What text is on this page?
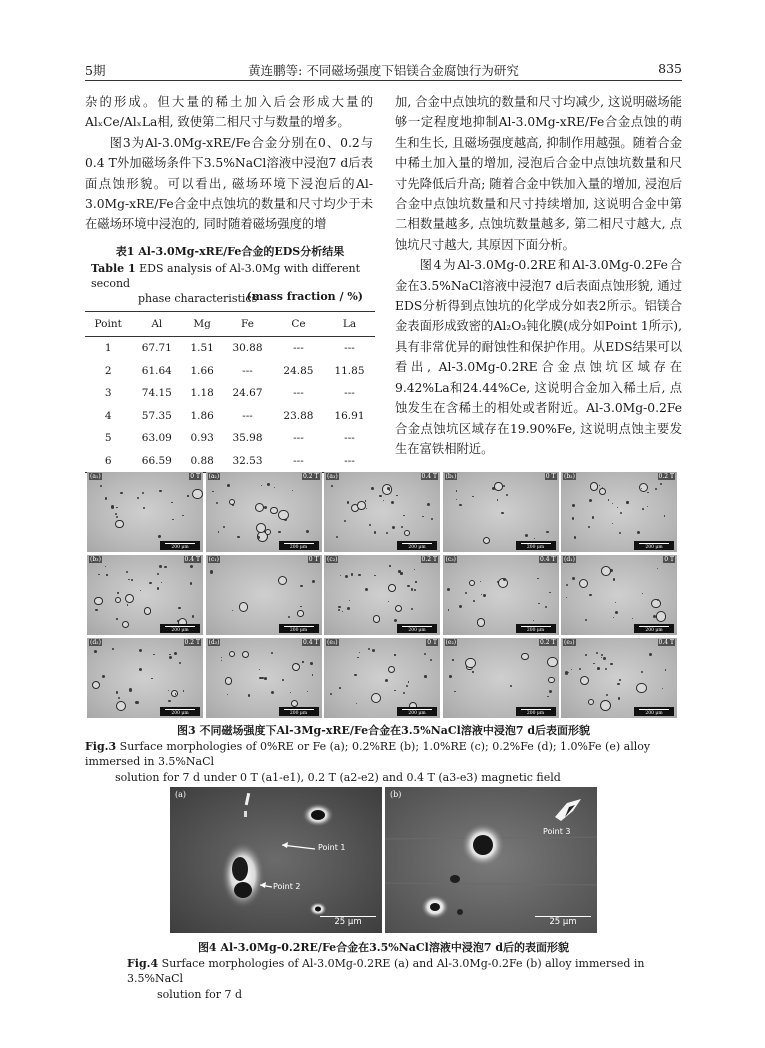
5期	黄连鹏等: 不同磁场强度下铝镁合金腐蚀行为研究	835

杂的形成。但大量的稀土加入后会形成大量的AlₓCe/AlₓLa相, 致使第二相尺寸与数量的增多。

图3为Al-3.0Mg-xRE/Fe合金分别在0、0.2与0.4 T外加磁场条件下3.5%NaCl溶液中浸泡7 d后表面点蚀形貌。可以看出, 磁场环境下浸泡后的Al-3.0Mg-xRE/Fe合金中点蚀坑的数量和尺寸均少于未在磁场环境中浸泡的, 同时随着磁场强度的增

表1 Al-3.0Mg-xRE/Fe合金的EDS分析结果
Table 1 EDS analysis of Al-3.0Mg with different second
phase characteristics
(mass fraction / %)
Point	Al	Mg	Fe	Ce	La
1	67.71	1.51	30.88	---	---
2	61.64	1.66	---	24.85	11.85
3	74.15	1.18	24.67	---	---
4	57.35	1.86	---	23.88	16.91
5	63.09	0.93	35.98	---	---
6	66.59	0.88	32.53	---	---

加, 合金中点蚀坑的数量和尺寸均减少, 这说明磁场能够一定程度地抑制Al-3.0Mg-xRE/Fe合金点蚀的萌生和生长, 且磁场强度越高, 抑制作用越强。随着合金中稀土加入量的增加, 浸泡后合金中点蚀坑数量和尺寸先降低后升高; 随着合金中铁加入量的增加, 浸泡后合金中点蚀坑数量和尺寸持续增加, 这说明合金中第二相数量越多, 点蚀坑数量越多, 第二相尺寸越大, 点蚀坑尺寸越大, 其原因下面分析。

图4为Al-3.0Mg-0.2RE和Al-3.0Mg-0.2Fe合金在3.5%NaCl溶液中浸泡7 d后表面点蚀形貌, 通过EDS分析得到点蚀坑的化学成分如表2所示。铝镁合金表面形成致密的Al₂O₃钝化膜(成分如Point 1所示), 具有非常优异的耐蚀性和保护作用。从EDS结果可以看出, Al-3.0Mg-0.2RE合金点蚀坑区域存在9.42%La和24.44%Ce, 这说明合金加入稀土后, 点蚀发生在含稀土的相处或者附近。Al-3.0Mg-0.2Fe合金点蚀坑区域存在19.90%Fe, 这说明点蚀主要发生在富铁相附近。

(a₁)	0 T
200 μm
(a₂)	0.2 T
200 μm
(a₃)	0.4 T
200 μm
(b₁)	0 T
200 μm
(b₂)	0.2 T
200 μm
(b₃)	0.4 T
200 μm
(c₁)	0 T
200 μm
(c₂)	0.2 T
200 μm
(c₃)	0.4 T
200 μm
(d₁)	0 T
200 μm
(d₂)	0.2 T
200 μm
(d₃)	0.4 T
200 μm
(e₁)	0 T
200 μm
(e₂)	0.2 T
200 μm
(e₃)	0.4 T
200 μm
图3 不同磁场强度下Al-3Mg-xRE/Fe合金在3.5%NaCl溶液中浸泡7 d后表面形貌
Fig.3 Surface morphologies of 0%RE or Fe (a); 0.2%RE (b); 1.0%RE (c); 0.2%Fe (d); 1.0%Fe (e) alloy immersed in 3.5%NaCl
solution for 7 d under 0 T (a1-e1), 0.2 T (a2-e2) and 0.4 T (a3-e3) magnetic field
(a)
Point 1
Point 2
25 μm
(b)
Point 3
25 μm
图4 Al-3.0Mg-0.2RE/Fe合金在3.5%NaCl溶液中浸泡7 d后的表面形貌
Fig.4 Surface morphologies of Al-3.0Mg-0.2RE (a) and Al-3.0Mg-0.2Fe (b) alloy immersed in 3.5%NaCl
solution for 7 d
